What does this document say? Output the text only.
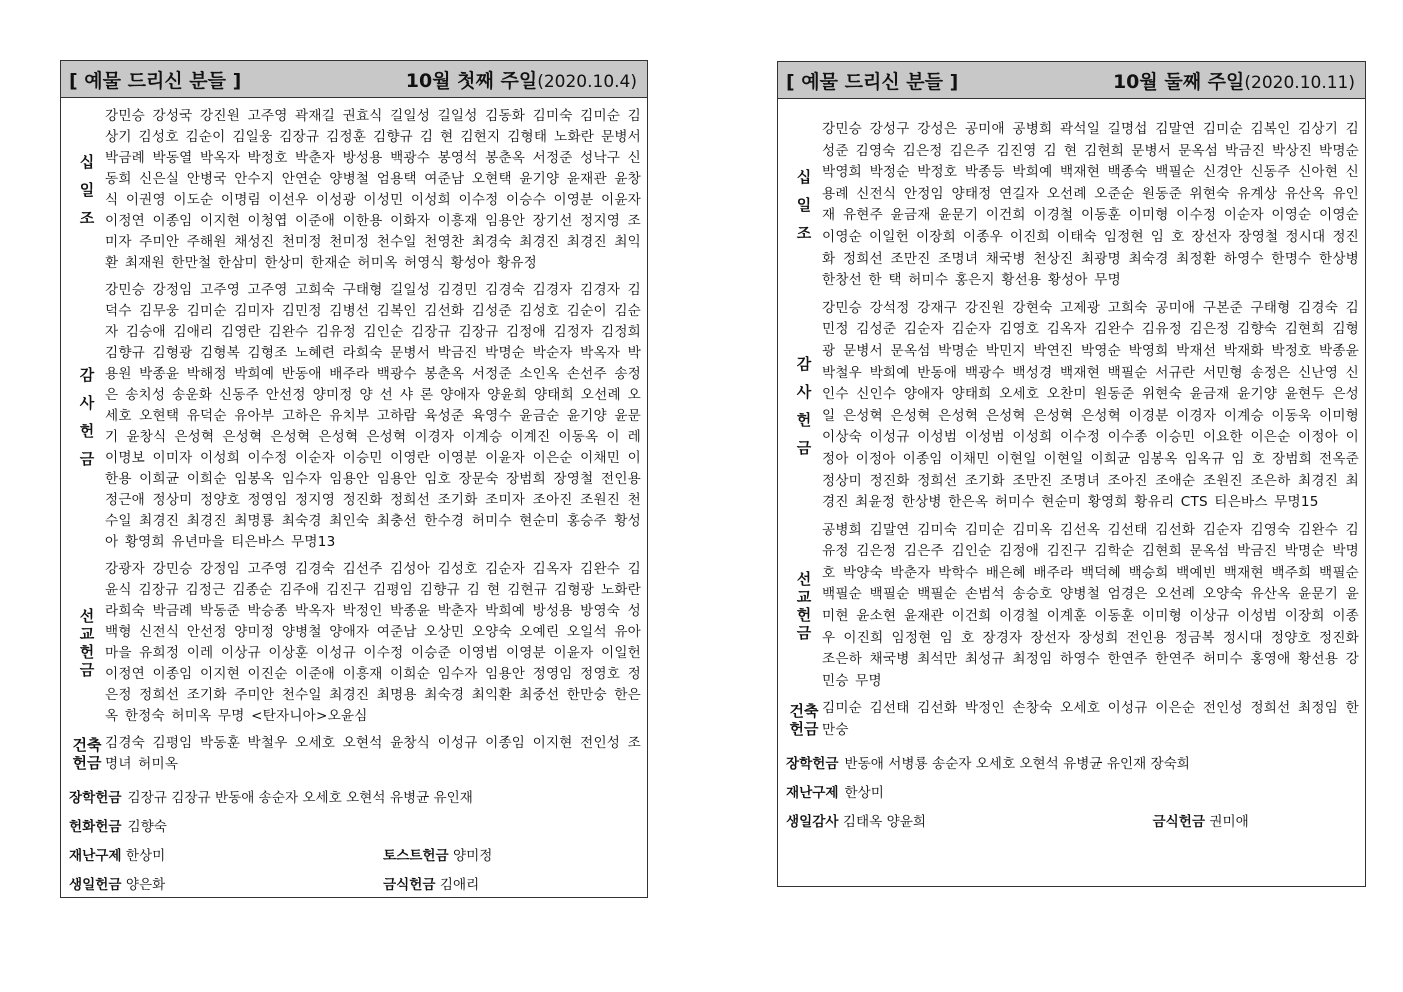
[ 예물 드리신 분들 ]	10월 첫째 주일(2020.10.4)
십
일
조
강민승 강성국 강진원 고주영 곽재길 권효식 길일성 길일성 김동화 김미숙 김미순 김상기 김성호 김순이 김일웅 김장규 김정훈 김향규 김 현 김현지 김형태 노화란 문병서 박금례 박동열 박옥자 박정호 박춘자 방성용 백광수 봉영석 봉춘옥 서정준 성낙구 신동희 신은실 안병국 안수지 안연순 양병철 엄용택 여준남 오현택 윤기양 윤재관 윤창식 이권영 이도순 이명림 이선우 이성광 이성민 이성희 이수정 이승수 이영분 이윤자 이정연 이종임 이지현 이청엽 이준애 이한용 이화자 이흥재 임용안 장기선 정지영 조미자 주미안 주해원 채성진 천미정 천미정 천수일 천영찬 최경숙 최경진 최경진 최익환 최재원 한만철 한삼미 한상미 한재순 허미옥 허영식 황성아 황유정
감
사
헌
금
강민승 강정임 고주영 고주영 고희숙 구태형 길일성 김경민 김경숙 김경자 김경자 김덕수 김무웅 김미순 김미자 김민정 김병선 김복인 김선화 김성준 김성호 김순이 김순자 김승애 김애리 김영란 김완수 김유정 김인순 김장규 김장규 김정애 김정자 김정희 김향규 김형광 김형복 김형조 노혜련 라희숙 문병서 박금진 박명순 박순자 박옥자 박용원 박종윤 박해정 박희예 반동애 배주라 백광수 봉춘옥 서정준 소인옥 손선주 송정은 송치성 송운화 신동주 안선정 양미정 양 선 샤 론 양애자 양윤희 양태희 오선례 오세호 오현택 유덕순 유아부 고하은 유치부 고하람 육성준 육영수 윤금순 윤기양 윤문기 윤창식 은성혁 은성혁 은성혁 은성혁 은성혁 이경자 이계승 이계진 이동옥 이 레 이명보 이미자 이성희 이수정 이순자 이승민 이영란 이영분 이윤자 이은순 이채민 이한용 이희균 이희순 임봉옥 임수자 임용안 임용안 임호 장문숙 장범희 장영철 전인용 정근애 정상미 정양호 정영임 정지영 정진화 정희선 조기화 조미자 조아진 조원진 천수일 최경진 최경진 최명룡 최숙경 최인숙 최충선 한수경 허미수 현순미 홍승주 황성아 황영희 유년마을 티은바스 무명13
선
교
헌
금
강광자 강민승 강정임 고주영 김경숙 김선주 김성아 김성호 김순자 김옥자 김완수 김윤식 김장규 김정근 김종순 김주애 김진구 김평임 김향규 김 현 김현규 김형광 노화란 라희숙 박금례 박동준 박승종 박옥자 박정인 박종윤 박춘자 박희예 방성용 방영숙 성백형 신전식 안선정 양미정 양병철 양애자 여준남 오상민 오양숙 오예린 오일석 유아마을 유희정 이레 이상규 이상훈 이성규 이수정 이승준 이영범 이영분 이윤자 이일헌 이정연 이종임 이지현 이진순 이준애 이흥재 이희순 임수자 임용안 정영임 정영호 정은정 정희선 조기화 주미안 천수일 최경진 최명용 최숙경 최익환 최중선 한만숭 한은옥 한정숙 허미옥 무명 <탄자니아>오윤심
건축
헌금
김경숙 김평임 박동훈 박철우 오세호 오현석 윤창식 이성규 이종임 이지현 전인성 조명녀 허미옥
장학헌금 김장규 김장규 반동애 송순자 오세호 오현석 유병균 유인재
헌화헌금 김향숙
재난구제 한상미	토스트헌금 양미정
생일헌금 양은화	금식헌금 김애리
[ 예물 드리신 분들 ]	10월 둘째 주일(2020.10.11)
십
일
조
강민승 강성구 강성은 공미애 공병희 곽석일 길명섭 김말연 김미순 김복인 김상기 김성준 김영숙 김은정 김은주 김진영 김 현 김현희 문병서 문옥섬 박금진 박상진 박명순 박영희 박정순 박정호 박종등 박희예 백재현 백종숙 백필순 신경안 신동주 신아현 신용례 신전식 안정임 양태정 연길자 오선례 오준순 원동준 위현숙 유계상 유산옥 유인재 유현주 윤금재 윤문기 이건희 이경철 이동훈 이미형 이수정 이순자 이영순 이영순 이영순 이일헌 이장희 이종우 이진희 이태숙 임정현 임 호 장선자 장영철 정시대 정진화 정희선 조만진 조명녀 채국병 천상진 최광명 최숙경 최정환 하영수 한명수 한상병 한창선 한 택 허미수 홍은지 황선용 황성아 무명
감
사
헌
금
강민승 강석정 강재구 강진원 강현숙 고제광 고희숙 공미애 구본준 구태형 김경숙 김민정 김성준 김순자 김순자 김영호 김옥자 김완수 김유정 김은정 김향숙 김현희 김형광 문병서 문옥섬 박명순 박민지 박연진 박영순 박영희 박재선 박재화 박정호 박종윤 박철우 박희예 반동애 백광수 백성경 백재현 백필순 서규란 서민형 송정은 신난영 신인수 신인수 양애자 양태희 오세호 오찬미 원동준 위현숙 윤금재 윤기양 윤현두 은성일 은성혁 은성혁 은성혁 은성혁 은성혁 은성혁 이경분 이경자 이계승 이동욱 이미형 이상숙 이성규 이성범 이성범 이성희 이수정 이수종 이승민 이요한 이은순 이정아 이정아 이정아 이종임 이채민 이현일 이현일 이희균 임봉옥 임옥규 임 호 장범희 전옥준 정상미 정진화 정희선 조기화 조만진 조명녀 조아진 조애순 조원진 조은하 최경진 최경진 최윤정 한상병 한은옥 허미수 현순미 황영희 황유리 CTS 티은바스 무명15
선
교
헌
금
공병희 김말연 김미숙 김미순 김미옥 김선옥 김선태 김선화 김순자 김영숙 김완수 김유정 김은정 김은주 김인순 김정애 김진구 김학순 김현희 문옥섬 박금진 박명순 박명호 박양숙 박춘자 박학수 배은혜 배주라 백덕혜 백승희 백예빈 백재현 백주희 백필순 백필순 백필순 백필순 손범석 송승호 양병철 엄경은 오선례 오양숙 유산옥 윤문기 윤미현 윤소현 윤재관 이건희 이경철 이계훈 이동훈 이미형 이상규 이성범 이장희 이종우 이진희 임정현 임 호 장경자 장선자 장성희 전인용 정금복 정시대 정양호 정진화 조은하 채국병 최석만 최성규 최정임 하영수 한연주 한연주 허미수 홍영애 황선용 강민승 무명
건축
헌금
김미순 김선태 김선화 박정인 손창숙 오세호 이성규 이은순 전인성 정희선 최정임 한만숭
장학헌금 반동애 서병룡 송순자 오세호 오현석 유병균 유인재 장숙희
재난구제 한상미
생일감사 김태옥 양윤희	금식헌금 권미애
